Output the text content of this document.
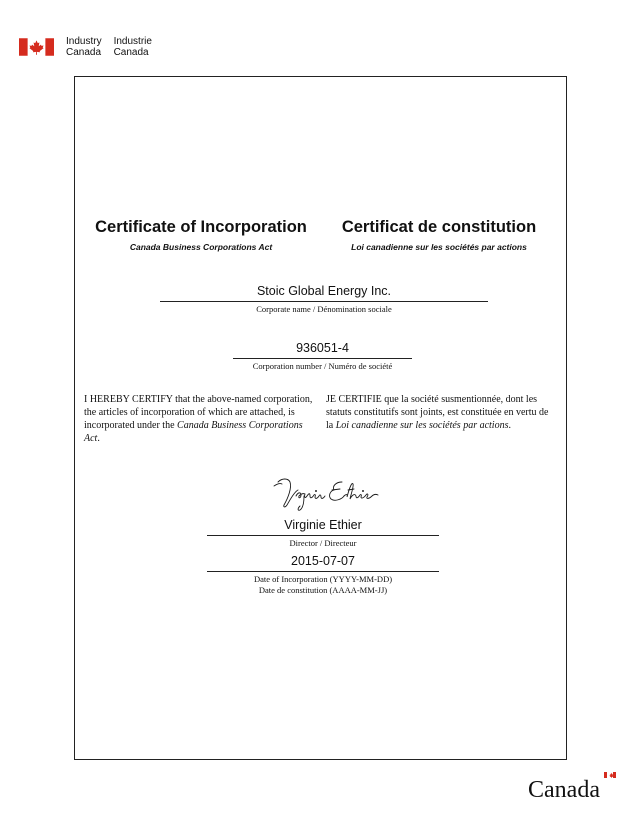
Industry
Canada
Industrie
Canada
Certificate of Incorporation	Certificat de constitution
Canada Business Corporations Act	Loi canadienne sur les sociétés par actions
Stoic Global Energy Inc.
Corporate name / Dénomination sociale
936051-4
Corporation number / Numéro de société
I HEREBY CERTIFY that the above-named corporation, the articles of incorporation of which are attached, is incorporated under the Canada Business Corporations Act.
JE CERTIFIE que la société susmentionnée, dont les statuts constitutifs sont joints, est constituée en vertu de la Loi canadienne sur les sociétés par actions.
Virginie Ethier
Director / Directeur
2015-07-07
Date of Incorporation (YYYY-MM-DD)
Date de constitution (AAAA-MM-JJ)
Canada
